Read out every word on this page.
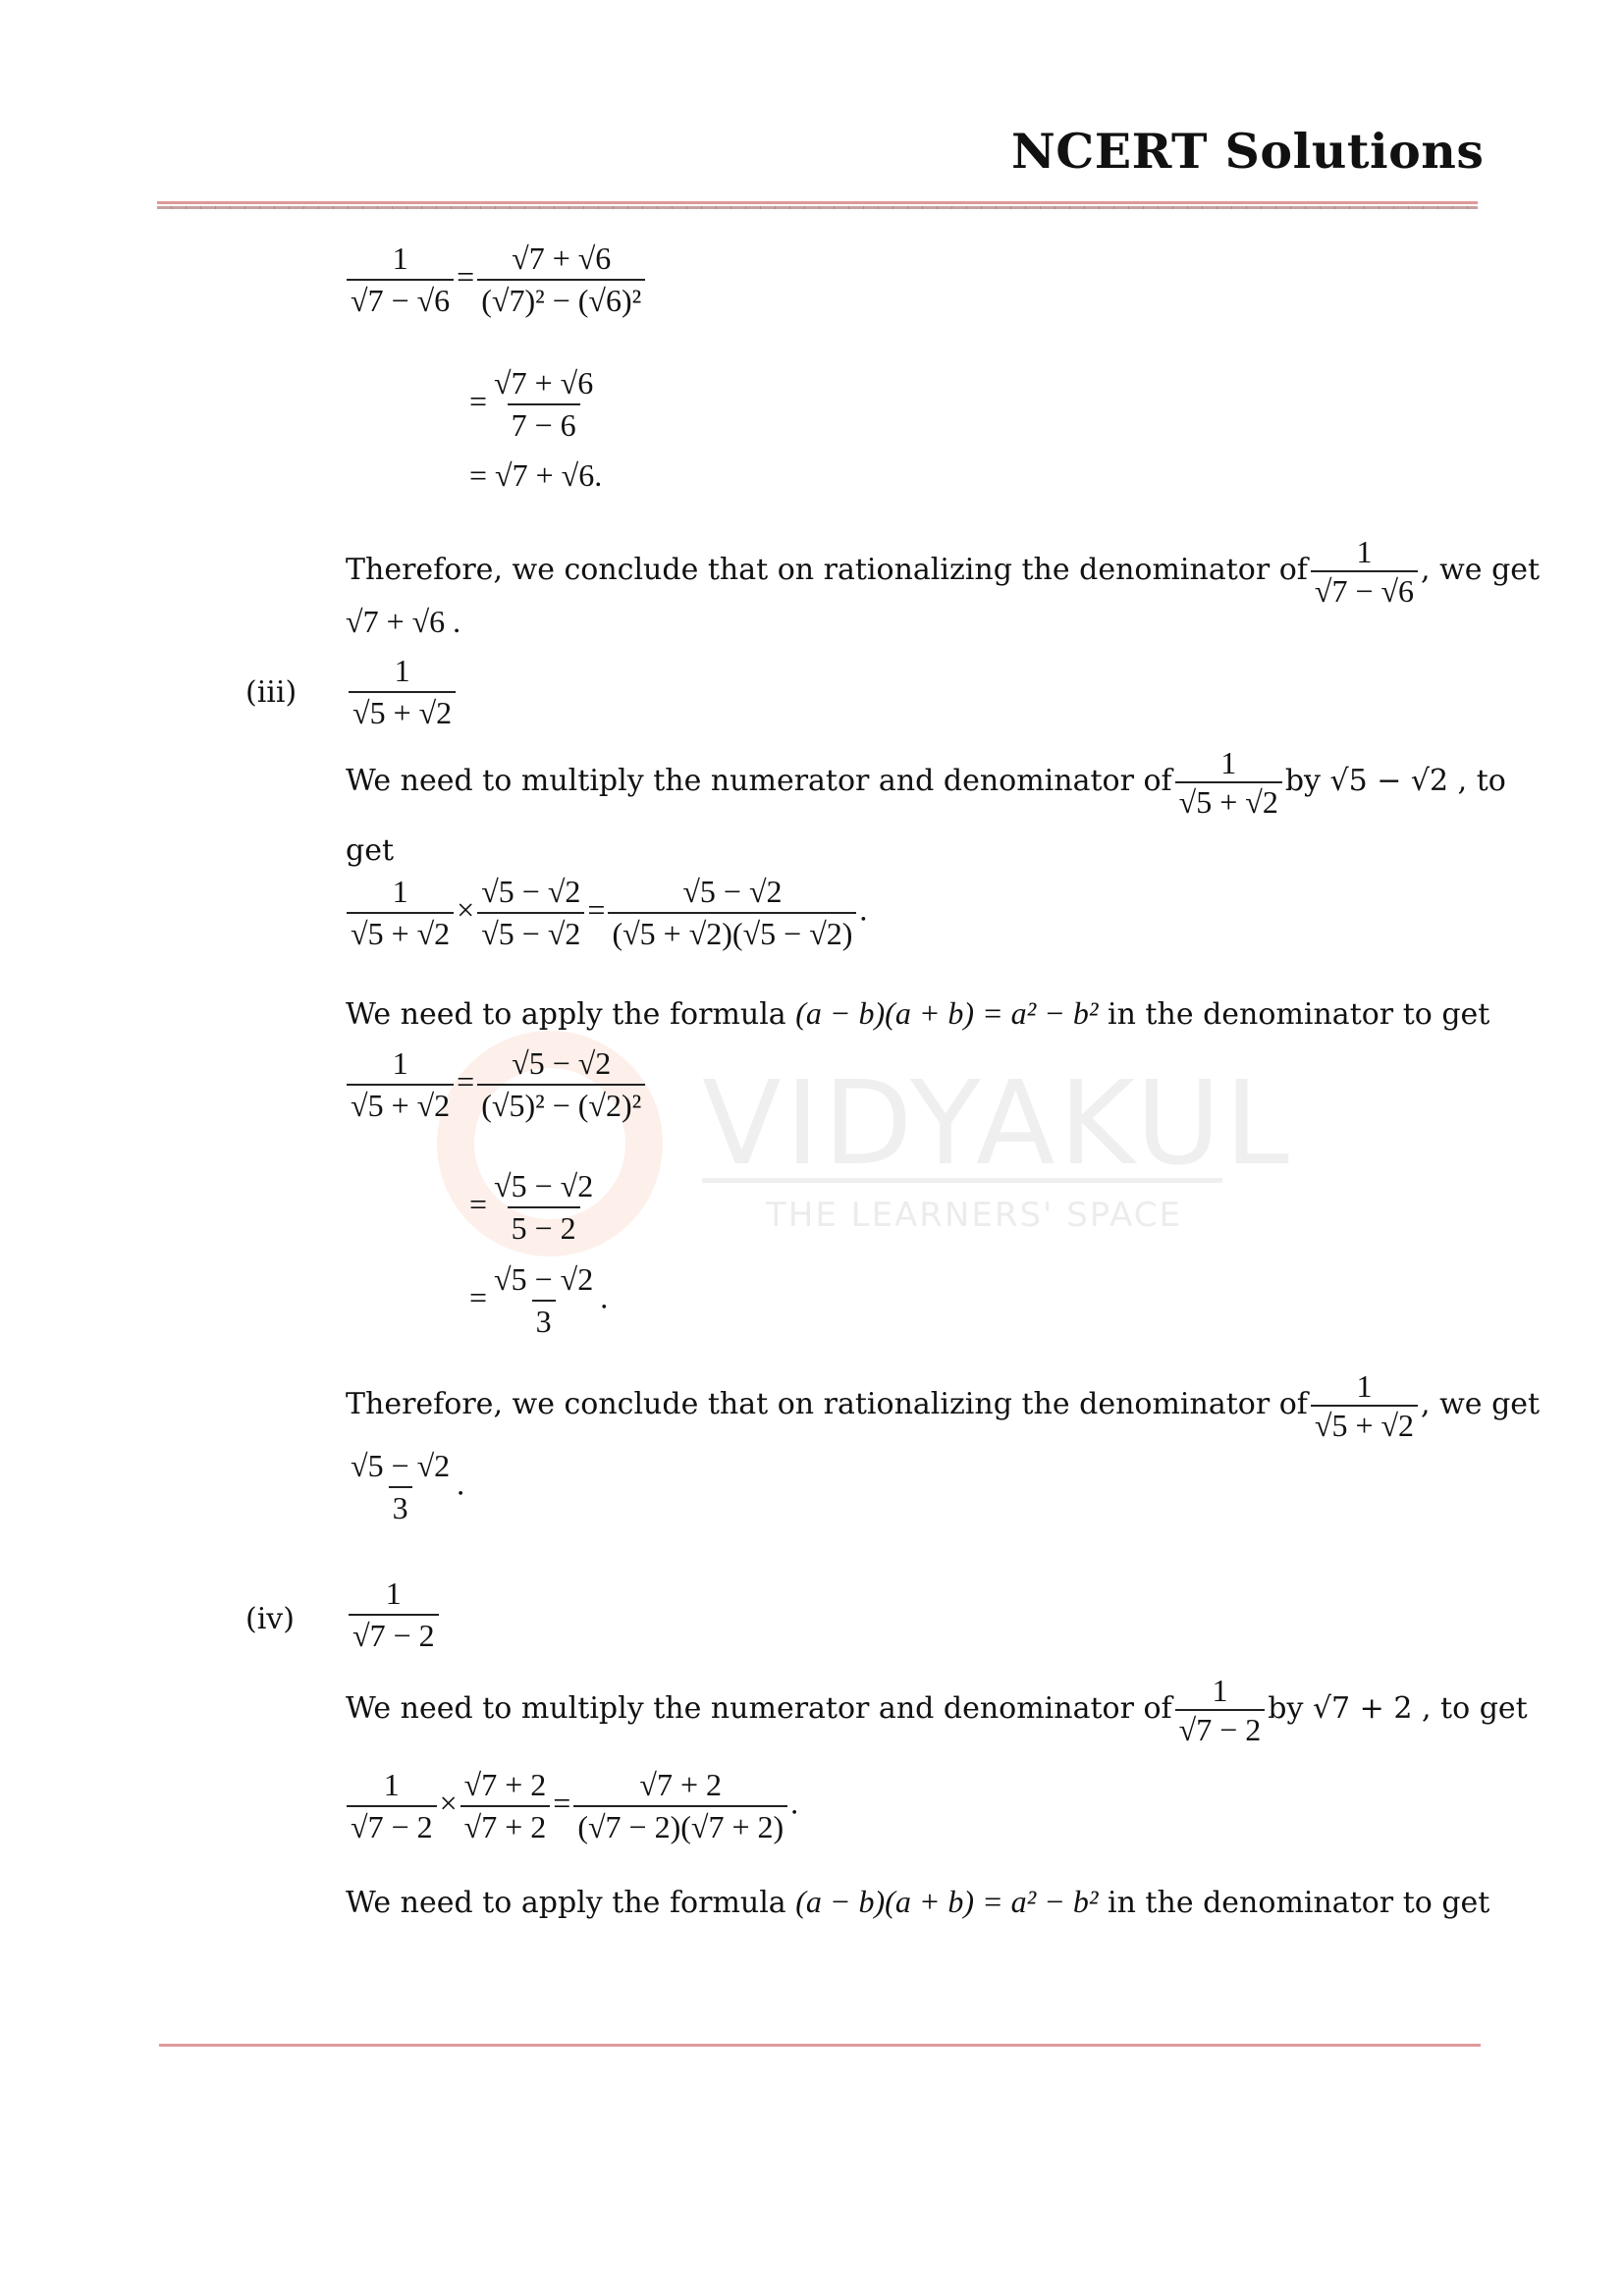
NCERT Solutions
VIDYAKUL
THE LEARNERS' SPACE
$\frac{1}{√7 - √6} = \frac{√7 + √6}{\text{(√7)² − (√6)²}}$
= $\frac{√7 + √6}{7 - 6}$
= √7 + √6.
Therefore, we conclude that on rationalizing the denominator of $\frac{1}{√7 - √6}$ , we get
√7 + √6 .
$(iii) \frac{1}{√5 + √2}$
We need to multiply the numerator and denominator of $\frac{1}{√5 + √2}$ by √5 − √2 , to
get
$\frac{1}{√5 + √2} \times \frac{√5 - √2}{√5 - √2} = \frac{√5 - √2}{(√5 + √2)(√5 - √2)}$ .
We need to apply the formula (a − b)(a + b) = a² − b² in the denominator to get
$\frac{1}{√5 + √2} = \frac{√5 - √2}{\text{(√5)² − (√2)²}}$
= $\frac{√5 - √2}{5 - 2}$
= $\frac{√5 - √2}{3}$ .
Therefore, we conclude that on rationalizing the denominator of $\frac{1}{√5 + √2}$ , we get
$\frac{√5 - √2}{3}$ .
$(iv) \frac{1}{√7 - 2}$
We need to multiply the numerator and denominator of $\frac{1}{√7 - 2}$ by √7 + 2 , to get
$\frac{1}{√7 - 2} \times \frac{√7 + 2}{√7 + 2} = \frac{√7 + 2}{(√7 - 2)(√7 + 2)}$ .
We need to apply the formula (a − b)(a + b) = a² − b² in the denominator to get
